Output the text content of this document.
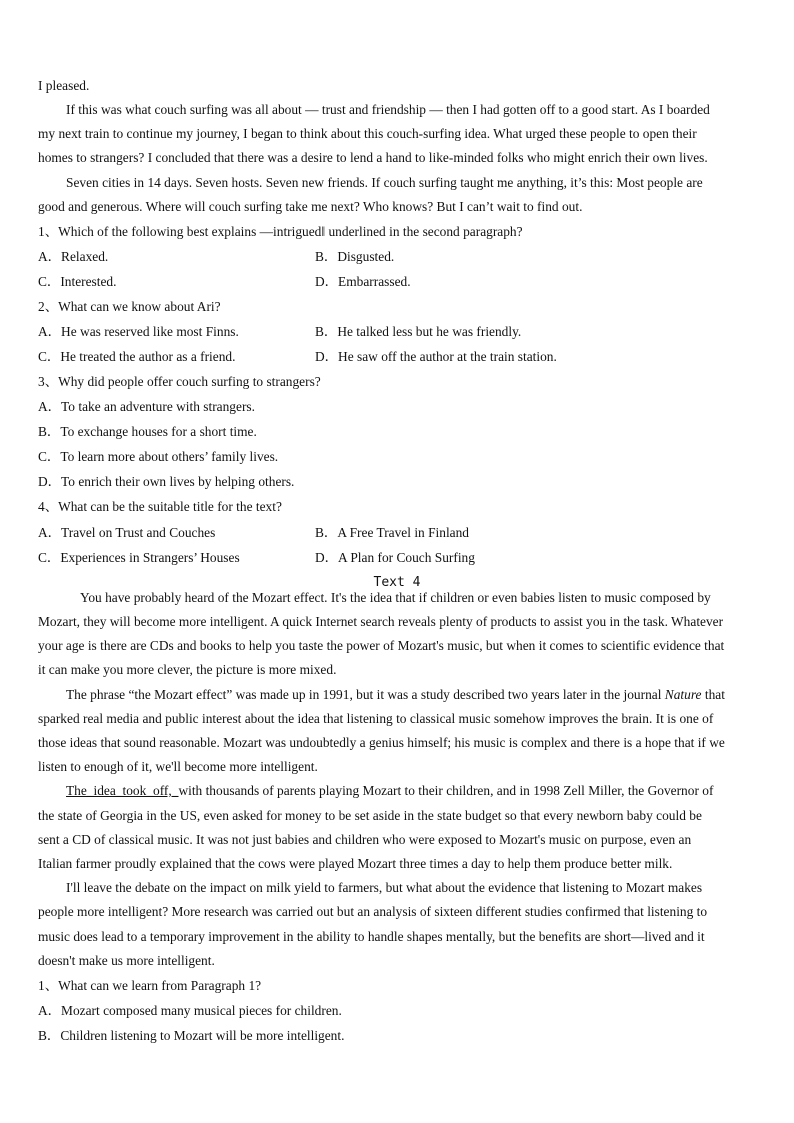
I pleased.
If this was what couch surfing was all about — trust and friendship — then I had gotten off to a good start. As I boarded
my next train to continue my journey, I began to think about this couch-surfing idea. What urged these people to open their
homes to strangers? I concluded that there was a desire to lend a hand to like-minded folks who might enrich their own lives.
Seven cities in 14 days. Seven hosts. Seven new friends. If couch surfing taught me anything, it’s this: Most people are
good and generous. Where will couch surfing take me next? Who knows? But I can’t wait to find out.
1、Which of the following best explains ―intrigued‖ underlined in the second paragraph?
A．Relaxed.	B．Disgusted.
C．Interested.	D．Embarrassed.
2、What can we know about Ari?
A．He was reserved like most Finns.	B．He talked less but he was friendly.
C．He treated the author as a friend.	D．He saw off the author at the train station.
3、Why did people offer couch surfing to strangers?
A．To take an adventure with strangers.
B．To exchange houses for a short time.
C．To learn more about others’ family lives.
D．To enrich their own lives by helping others.
4、What can be the suitable title for the text?
A．Travel on Trust and Couches	B．A Free Travel in Finland
C．Experiences in Strangers’ Houses	D．A Plan for Couch Surfing
Text 4
You have probably heard of the Mozart effect. It's the idea that if children or even babies listen to music composed by
Mozart, they will become more intelligent. A quick Internet search reveals plenty of products to assist you in the task. Whatever
your age is there are CDs and books to help you taste the power of Mozart's music, but when it comes to scientific evidence that
it can make you more clever, the picture is more mixed.
The phrase “the Mozart effect” was made up in 1991, but it was a study described two years later in the journal Nature that
sparked real media and public interest about the idea that listening to classical music somehow improves the brain. It is one of
those ideas that sound reasonable. Mozart was undoubtedly a genius himself; his music is complex and there is a hope that if we
listen to enough of it, we'll become more intelligent.
The_idea_took_off,_with thousands of parents playing Mozart to their children, and in 1998 Zell Miller, the Governor of
the state of Georgia in the US, even asked for money to be set aside in the state budget so that every newborn baby could be
sent a CD of classical music. It was not just babies and children who were exposed to Mozart's music on purpose, even an
Italian farmer proudly explained that the cows were played Mozart three times a day to help them produce better milk.
I'll leave the debate on the impact on milk yield to farmers, but what about the evidence that listening to Mozart makes
people more intelligent? More research was carried out but an analysis of sixteen different studies confirmed that listening to
music does lead to a temporary improvement in the ability to handle shapes mentally, but the benefits are short—lived and it
doesn't make us more intelligent.
1、What can we learn from Paragraph 1?
A．Mozart composed many musical pieces for children.
B．Children listening to Mozart will be more intelligent.
